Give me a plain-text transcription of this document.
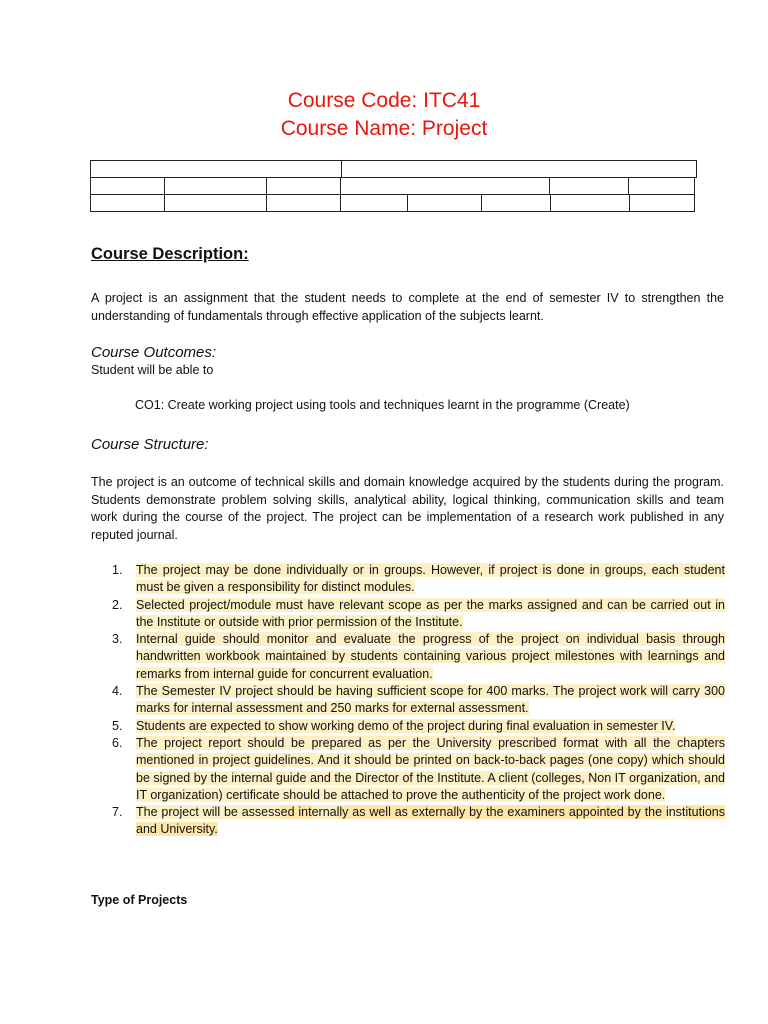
Course Code: ITC41
Course Name: Project

Course Description:
A project is an assignment that the student needs to complete at the end of semester IV to strengthen the understanding of fundamentals through effective application of the subjects learnt.
Course Outcomes:
Student will be able to
CO1: Create working project using tools and techniques learnt in the programme (Create)
Course Structure:
The project is an outcome of technical skills and domain knowledge acquired by the students during the program. Students demonstrate problem solving skills, analytical ability, logical thinking, communication skills and team work during the course of the project. The project can be implementation of a research work published in any reputed journal.
1. The project may be done individually or in groups. However, if project is done in groups, each student must be given a responsibility for distinct modules.
2. Selected project/module must have relevant scope as per the marks assigned and can be carried out in the Institute or outside with prior permission of the Institute.
3. Internal guide should monitor and evaluate the progress of the project on individual basis through handwritten workbook maintained by students containing various project milestones with learnings and remarks from internal guide for concurrent evaluation.
4. The Semester IV project should be having sufficient scope for 400 marks. The project work will carry 300 marks for internal assessment and 250 marks for external assessment.
5. Students are expected to show working demo of the project during final evaluation in semester IV.
6. The project report should be prepared as per the University prescribed format with all the chapters mentioned in project guidelines. And it should be printed on back-to-back pages (one copy) which should be signed by the internal guide and the Director of the Institute. A client (colleges, Non IT organization, and IT organization) certificate should be attached to prove the authenticity of the project work done.
7. The project will be assessed internally as well as externally by the examiners appointed by the institutions and University.
Type of Projects
